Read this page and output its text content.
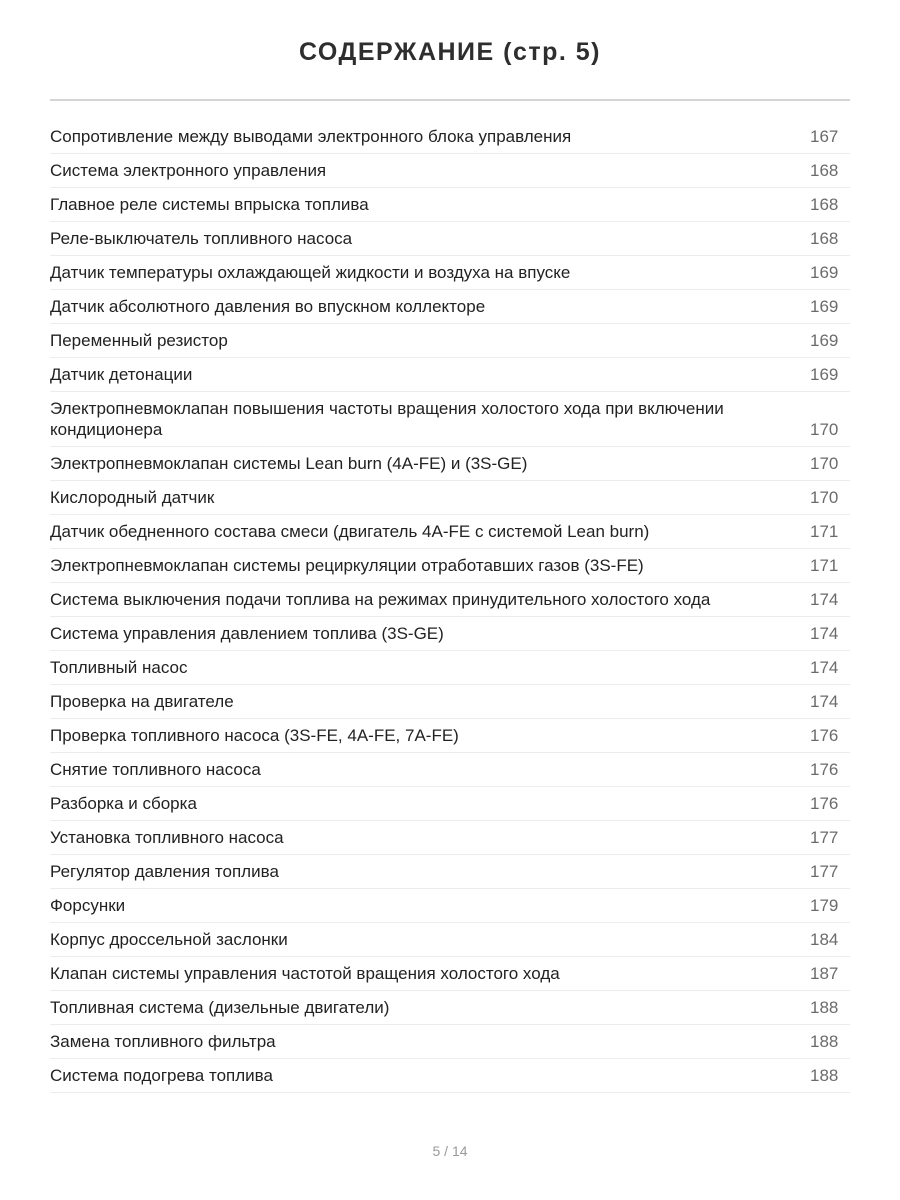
СОДЕРЖАНИЕ (стр. 5)
Сопротивление между выводами электронного блока управления	167
Система электронного управления	168
Главное реле системы впрыска топлива	168
Реле-выключатель топливного насоса	168
Датчик температуры охлаждающей жидкости и воздуха на впуске	169
Датчик абсолютного давления во впускном коллекторе	169
Переменный резистор	169
Датчик детонации	169
Электропневмоклапан повышения частоты вращения холостого хода при включении кондиционера	170
Электропневмоклапан системы Lean burn (4A-FE) и (3S-GE)	170
Кислородный датчик	170
Датчик обедненного состава смеси (двигатель 4A-FE с системой Lean burn)	171
Электропневмоклапан системы рециркуляции отработавших газов (3S-FE)	171
Система выключения подачи топлива на режимах принудительного холостого хода	174
Система управления давлением топлива (3S-GE)	174
Топливный насос	174
Проверка на двигателе	174
Проверка топливного насоса (3S-FE, 4A-FE, 7A-FE)	176
Снятие топливного насоса	176
Разборка и сборка	176
Установка топливного насоса	177
Регулятор давления топлива	177
Форсунки	179
Корпус дроссельной заслонки	184
Клапан системы управления частотой вращения холостого хода	187
Топливная система (дизельные двигатели)	188
Замена топливного фильтра	188
Система подогрева топлива	188
5 / 14
